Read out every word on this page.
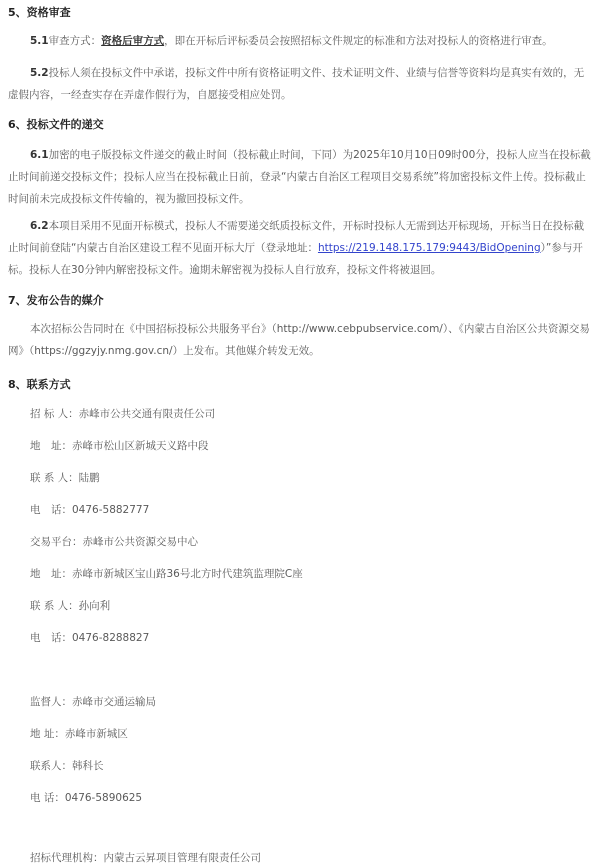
5、资格审查
5.1审查方式：资格后审方式，即在开标后评标委员会按照招标文件规定的标准和方法对投标人的资格进行审查。
5.2投标人须在投标文件中承诺，投标文件中所有资格证明文件、技术证明文件、业绩与信誉等资料均是真实有效的，无虚假内容，一经查实存在弄虚作假行为，自愿接受相应处罚。
6、投标文件的递交
6.1加密的电子版投标文件递交的截止时间（投标截止时间，下同）为2025年10月10日09时00分，投标人应当在投标截止时间前递交投标文件；投标人应当在投标截止日前，登录“内蒙古自治区工程项目交易系统”将加密投标文件上传。投标截止时间前未完成投标文件传输的，视为撤回投标文件。
6.2本项目采用不见面开标模式，投标人不需要递交纸质投标文件，开标时投标人无需到达开标现场，开标当日在投标截止时间前登陆“内蒙古自治区建设工程不见面开标大厅（登录地址：https://219.148.175.179:9443/BidOpening）”参与开标。投标人在30分钟内解密投标文件。逾期未解密视为投标人自行放弃，投标文件将被退回。
7、发布公告的媒介
本次招标公告同时在《中国招标投标公共服务平台》（http://www.cebpubservice.com/）、《内蒙古自治区公共资源交易网》（https://ggzyjy.nmg.gov.cn/）上发布。其他媒介转发无效。
8、联系方式
招 标 人：赤峰市公共交通有限责任公司
地　址：赤峰市松山区新城天义路中段
联 系 人：陆鹏
电　话：0476-5882777
交易平台：赤峰市公共资源交易中心
地　址：赤峰市新城区宝山路36号北方时代建筑监理院C座
联 系 人：孙向利
电　话：0476-8288827
监督人：赤峰市交通运输局
地 址：赤峰市新城区
联系人：韩科长
电 话：0476-5890625
招标代理机构：内蒙古云昇项目管理有限责任公司
